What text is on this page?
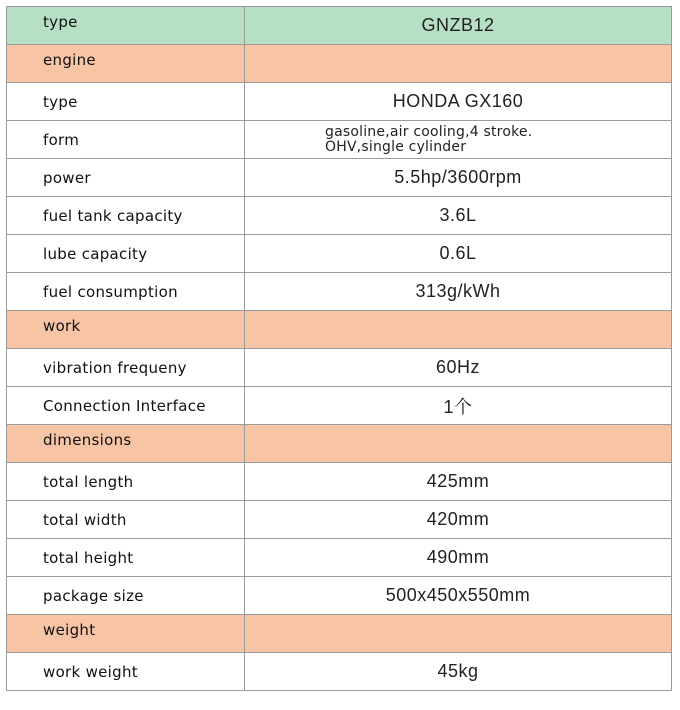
type	GNZB12
engine	
type	HONDA GX160
form	gasoline,air cooling,4 stroke.
OHV,single cylinder

power	5.5hp/3600rpm
fuel tank capacity	3.6L
lube capacity	0.6L
fuel consumption	313g/kWh
work	
vibration frequeny	60Hz
Connection Interface	1个
dimensions	
total length	425mm
total width	420mm
total height	490mm
package size	500x450x550mm
weight	
work weight	45kg
